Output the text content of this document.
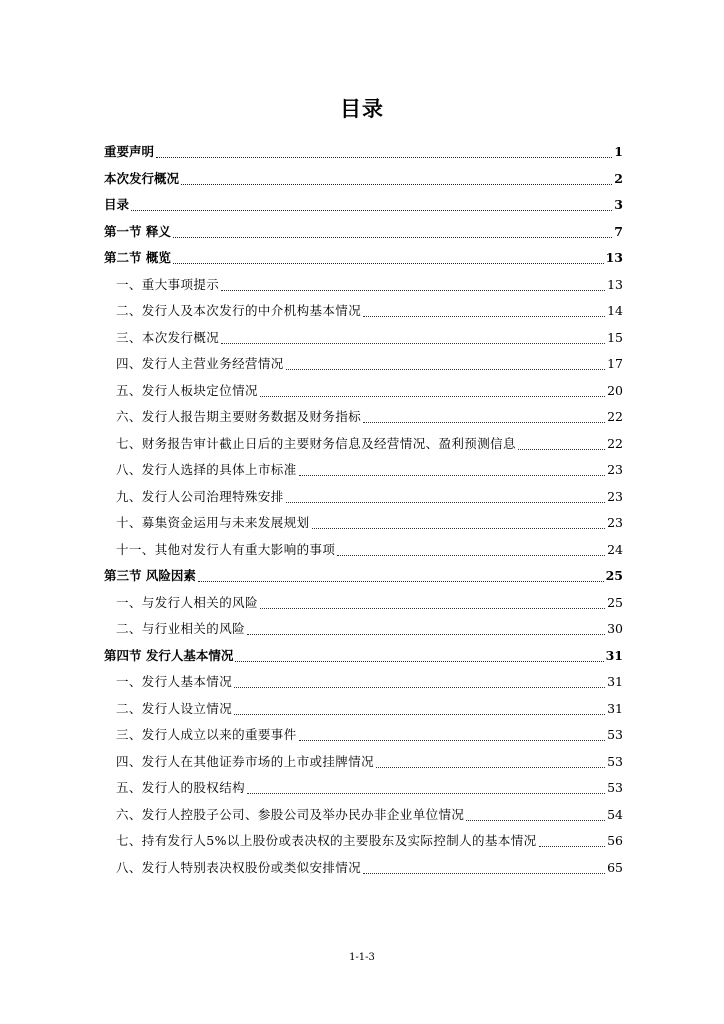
目录
重要声明	1
本次发行概况	2
目录	3
第一节 释义	7
第二节 概览	13
一、重大事项提示	13
二、发行人及本次发行的中介机构基本情况	14
三、本次发行概况	15
四、发行人主营业务经营情况	17
五、发行人板块定位情况	20
六、发行人报告期主要财务数据及财务指标	22
七、财务报告审计截止日后的主要财务信息及经营情况、盈利预测信息	22
八、发行人选择的具体上市标准	23
九、发行人公司治理特殊安排	23
十、募集资金运用与未来发展规划	23
十一、其他对发行人有重大影响的事项	24
第三节 风险因素	25
一、与发行人相关的风险	25
二、与行业相关的风险	30
第四节 发行人基本情况	31
一、发行人基本情况	31
二、发行人设立情况	31
三、发行人成立以来的重要事件	53
四、发行人在其他证券市场的上市或挂牌情况	53
五、发行人的股权结构	53
六、发行人控股子公司、参股公司及举办民办非企业单位情况	54
七、持有发行人5%以上股份或表决权的主要股东及实际控制人的基本情况	56
八、发行人特别表决权股份或类似安排情况	65
1-1-3
